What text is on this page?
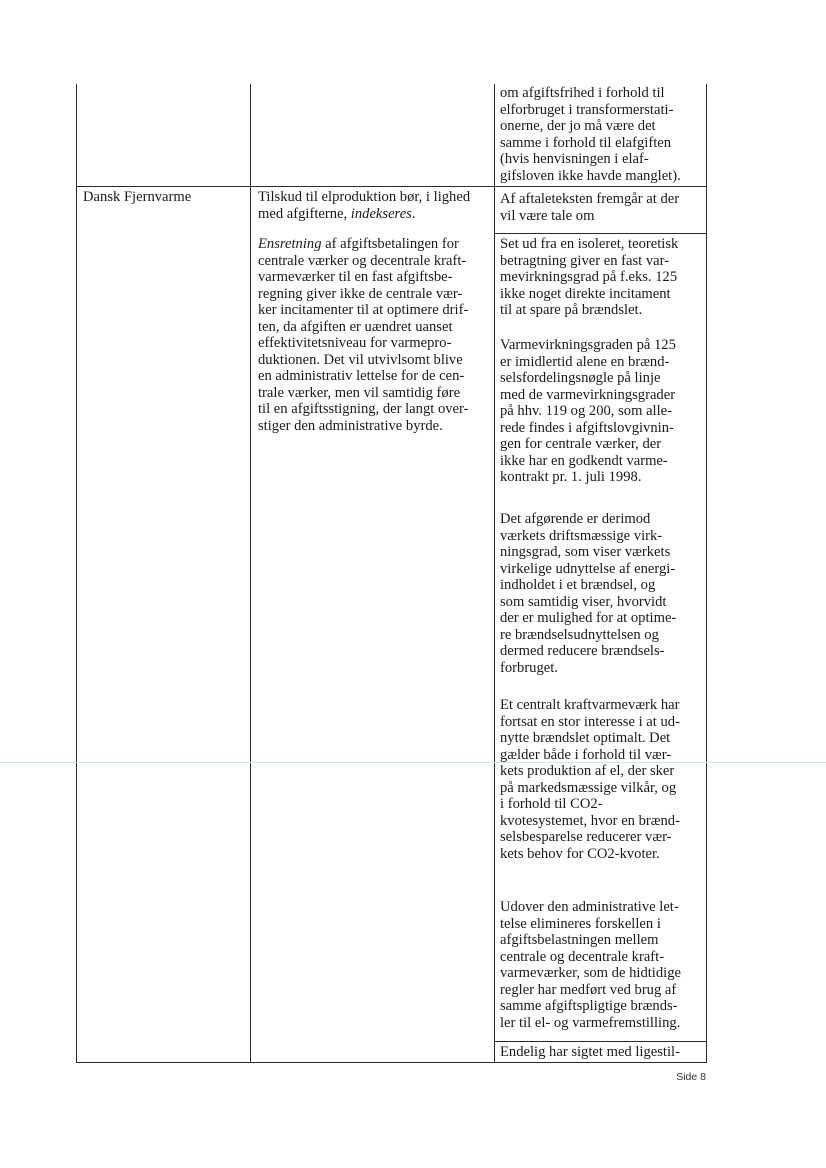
om afgiftsfrihed i forhold til
elforbruget i transformerstati-
onerne, der jo må være det
samme i forhold til elafgiften
(hvis henvisningen i elaf-
gifsloven ikke havde manglet).
Dansk Fjernvarme	Tilskud til elproduktion bør, i lighed
med afgifterne, indekseres.
Ensretning af afgiftsbetalingen for
centrale værker og decentrale kraft-
varmeværker til en fast afgiftsbe-
regning giver ikke de centrale vær-
ker incitamenter til at optimere drif-
ten, da afgiften er uændret uanset
effektivitetsniveau for varmepro-
duktionen. Det vil utvivlsomt blive
en administrativ lettelse for de cen-
trale værker, men vil samtidig føre
til en afgiftsstigning, der langt over-
stiger den administrative byrde.
Af aftaleteksten fremgår at der
vil være tale om
Set ud fra en isoleret, teoretisk
betragtning giver en fast var-
mevirkningsgrad på f.eks. 125
ikke noget direkte incitament
til at spare på brændslet.
Varmevirkningsgraden på 125
er imidlertid alene en brænd-
selsfordelingsnøgle på linje
med de varmevirkningsgrader
på hhv. 119 og 200, som alle-
rede findes i afgiftslovgivnin-
gen for centrale værker, der
ikke har en godkendt varme-
kontrakt pr. 1. juli 1998.
Det afgørende er derimod
værkets driftsmæssige virk-
ningsgrad, som viser værkets
virkelige udnyttelse af energi-
indholdet i et brændsel, og
som samtidig viser, hvorvidt
der er mulighed for at optime-
re brændselsudnyttelsen og
dermed reducere brændsels-
forbruget.
Et centralt kraftvarmeværk har
fortsat en stor interesse i at ud-
nytte brændslet optimalt. Det
gælder både i forhold til vær-
kets produktion af el, der sker
på markedsmæssige vilkår, og
i forhold til CO2-
kvotesystemet, hvor en brænd-
selsbesparelse reducerer vær-
kets behov for CO2-kvoter.
Udover den administrative let-
telse elimineres forskellen i
afgiftsbelastningen mellem
centrale og decentrale kraft-
varmeværker, som de hidtidige
regler har medført ved brug af
samme afgiftspligtige brænds-
ler til el- og varmefremstilling.
Endelig har sigtet med ligestil-
Side 8
